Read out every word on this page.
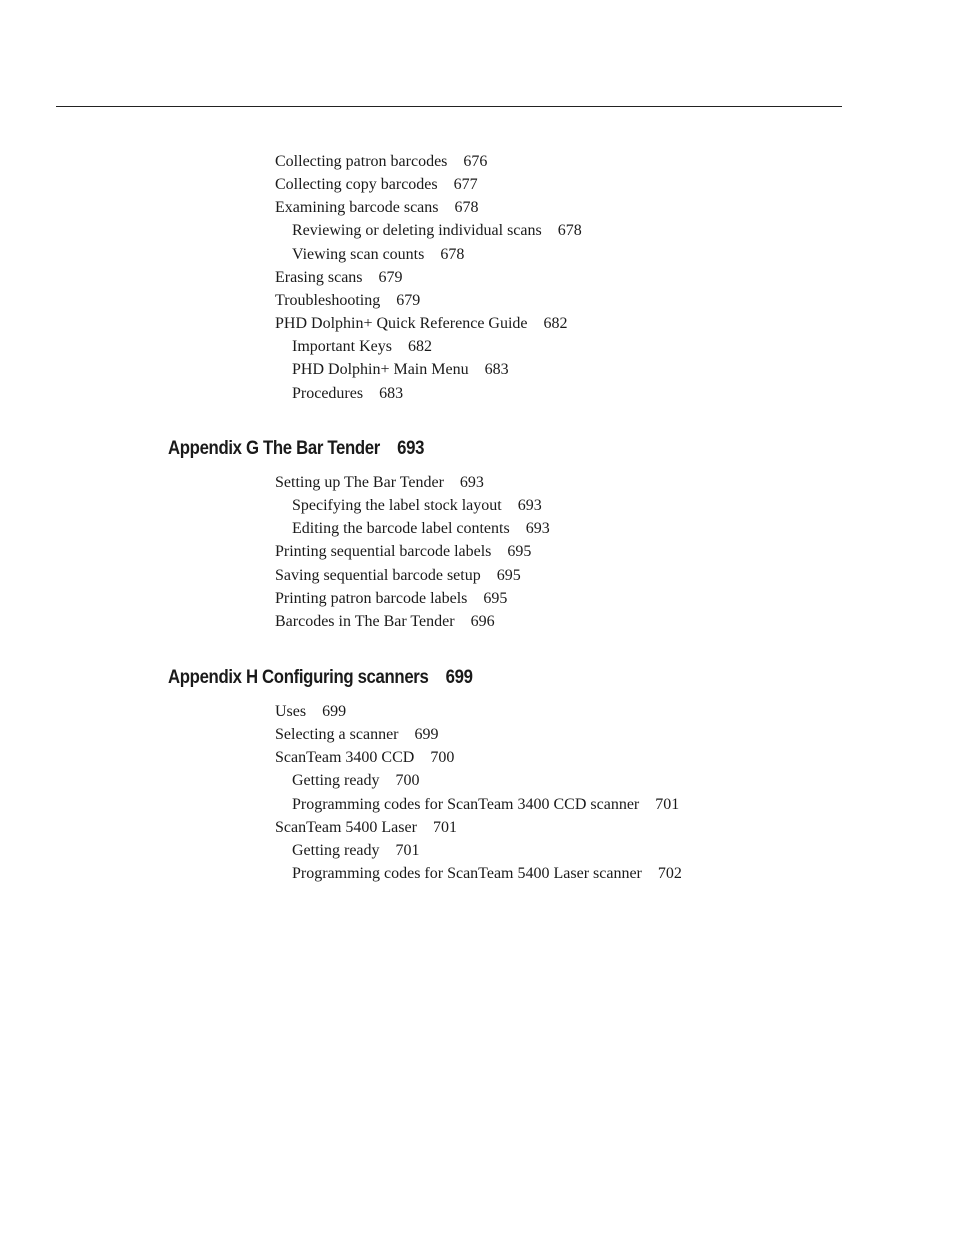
Collecting patron barcodes 676
Collecting copy barcodes 677
Examining barcode scans 678
Reviewing or deleting individual scans 678
Viewing scan counts 678
Erasing scans 679
Troubleshooting 679
PHD Dolphin+ Quick Reference Guide 682
Important Keys 682
PHD Dolphin+ Main Menu 683
Procedures 683
Appendix G The Bar Tender 693
Setting up The Bar Tender 693
Specifying the label stock layout 693
Editing the barcode label contents 693
Printing sequential barcode labels 695
Saving sequential barcode setup 695
Printing patron barcode labels 695
Barcodes in The Bar Tender 696
Appendix H Configuring scanners 699
Uses 699
Selecting a scanner 699
ScanTeam 3400 CCD 700
Getting ready 700
Programming codes for ScanTeam 3400 CCD scanner 701
ScanTeam 5400 Laser 701
Getting ready 701
Programming codes for ScanTeam 5400 Laser scanner 702
